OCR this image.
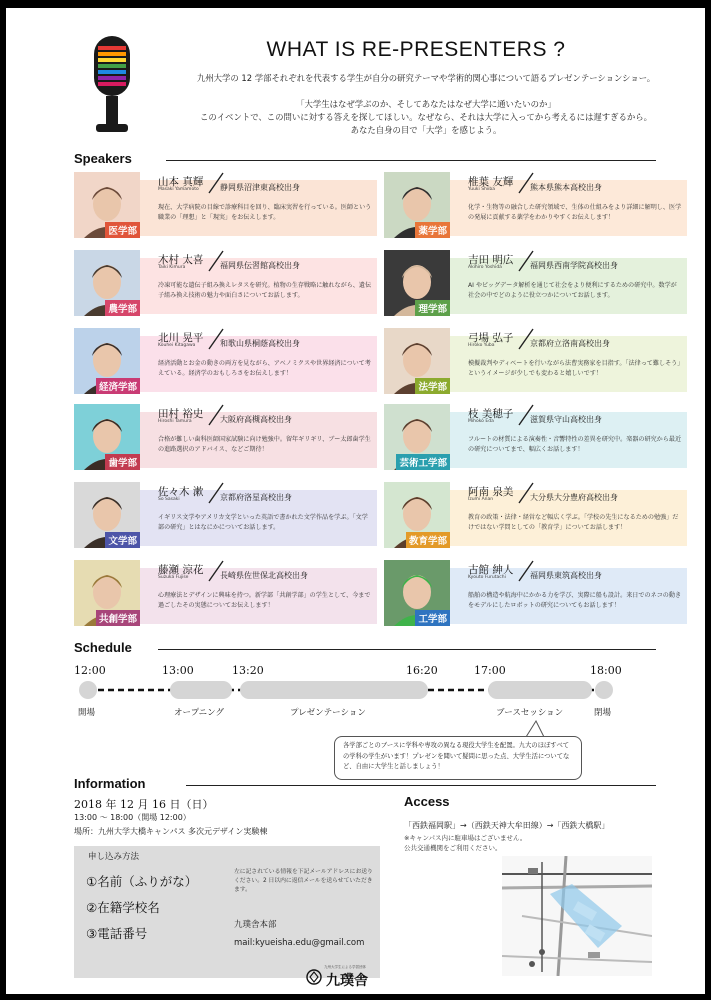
WHAT IS RE-PRESENTERS ?

九州大学の 12 学部それぞれを代表する学生が自分の研究テーマや学術的関心事について語るプレゼンテーションショー。

「大学生はなぜ学ぶのか、そしてあなたはなぜ大学に通いたいのか」

このイベントで、この問いに対する答えを探してほしい。なぜなら、それは大学に入ってから考えるには遅すぎるから。

あなた自身の目で「大学」を感じよう。

Speakers
医学部
山本 真輝
Masaki Yamamoto	静岡県沼津東高校出身
現在、大学病院の目線で診療科目を回り、臨床実習を行っている。医師という職業の「理想」と「現実」をお伝えします。
薬学部
椎葉 友輝
Yuuki Shiiba	熊本県熊本高校出身
化学・生物等の融合した研究領域で、生体の仕組みをより詳細に解明し、医学の発展に貢献する薬学をわかりやすくお伝えします！
農学部
木村 太喜
Taiki Kimura	福岡県伝習館高校出身
冷凍可能な遺伝子組み換えレタスを研究。植物の生存戦略に触れながら、遺伝子組み換え技術の魅力や面白さについてお話します。
理学部
吉田 明広
Akihiro Yoshida	福岡県西南学院高校出身
AI やビッグデータ解析を通じて社会をより便利にするための研究中。数学が社会の中でどのように役立つかについてお話します。
経済学部
北川 晃平
Kouhei Kitagawa	和歌山県桐蔭高校出身
経済活動とお金の動きの両方を見ながら、アベノミクスや世界経済について考えている。経済学のおもしろさをお伝えします！
法学部
弓場 弘子
Hiroko Yuba	京都府立洛南高校出身
模擬裁判やディベートを行いながら法曹実務家を目指す。「法律って難しそう」というイメージが少しでも変わると嬉しいです！
歯学部
田村 裕史
Hiroshi Tamura	大阪府高槻高校出身
合格が難しい歯科医師国家試験に向け勉強中。留年ギリギリ、ブー太郎歯学生の進路選択のアドバイス、などご期待！
芸術工学部
枝 美穂子
Mihoko Eda	滋賀県守山高校出身
フルートの材質による演奏性・音響特性の差異を研究中。楽器の研究から最近の研究についてまで、幅広くお話します！
文学部
佐々木 漱
So Sasaki	京都府洛星高校出身
イギリス文学やアメリカ文学といった英語で書かれた文学作品を学ぶ。「文学部の研究」とはなにかについてお話します。
教育学部
阿南 泉美
Izumi Anan	大分県大分豊府高校出身
教育の政策・法律・経営など幅広く学ぶ。「学校の先生になるための勉強」だけではない学問としての「教育学」についてお話します！
共創学部
藤瀬 涼花
Suzuka Fujise	長崎県佐世保北高校出身
心理療法とデザインに興味を持つ。新学部「共創学部」の学生として、今まで過ごしたその実態についてお伝えします！
工学部
古館 紳人
Kyouto Furutachi	福岡県東筑高校出身
船舶の構造や航海中にかかる力を学び、実際に船も設計。来日でのネコの動きをモデルにしたロボットの研究についてもお話します！
Schedule
12:00	13:00	13:20	16:20	17:00	18:00
開場	オープニング	プレゼンテーション	ブースセッション	閉場
各学部ごとのブースに学科や専攻の異なる現役大学生を配置。九大のほぼすべての学科の学生がいます！プレゼンを聞いて疑問に思った点、大学生活についてなど、自由に大学生と話しましょう！
Information
2018 年 12 月 16 日（日）
13:00 ～ 18:00（開場 12:00）
場所：九州大学大橋キャンパス 多次元デザイン実験棟
申し込み方法
①名前（ふりがな）
②在籍学校名
③電話番号
左に記されている情報を下記メールアドレスにお送りください。2 日以内に返信メールを送らせていただきます。
九璞舎本部
mail:kyueisha.edu@gmail.com
Access
「西鉄福岡駅」→（西鉄天神大牟田線）→「西鉄大橋駅」
※キャンパス内に駐車場はございません。
公共交通機関をご利用ください。
九州大学生による学習団体
九璞舎
